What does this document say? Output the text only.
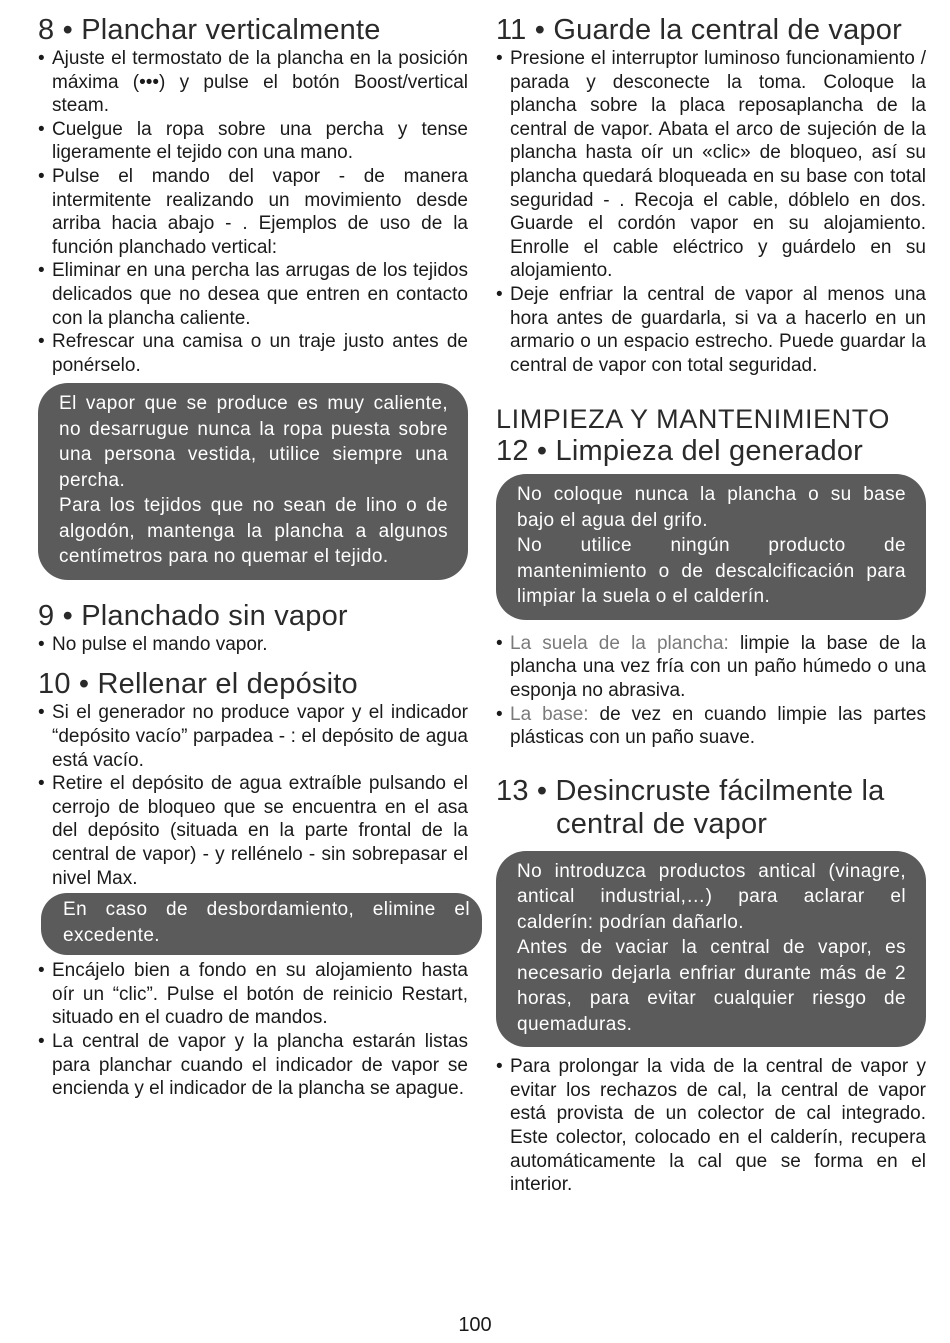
8 • Planchar verticalmente
• Ajuste el termostato de la plancha en la posición máxima (•••) y pulse el botón Boost/vertical steam.
• Cuelgue la ropa sobre una percha y tense ligeramente el tejido con una mano.
• Pulse el mando del vapor - de manera intermitente realizando un movimiento desde arriba hacia abajo - . Ejemplos de uso de la función planchado vertical:
• Eliminar en una percha las arrugas de los tejidos delicados que no desea que entren en contacto con la plancha caliente.
• Refrescar una camisa o un traje justo antes de ponérselo.

El vapor que se produce es muy caliente, no desarrugue nunca la ropa puesta sobre una persona vestida, utilice siempre una percha.

Para los tejidos que no sean de lino o de algodón, mantenga la plancha a algunos centímetros para no quemar el tejido.

9 • Planchado sin vapor
• No pulse el mando vapor.
10 • Rellenar el depósito
• Si el generador no produce vapor y el indicador “depósito vacío” parpadea - : el depósito de agua está vacío.
• Retire el depósito de agua extraíble pulsando el cerrojo de bloqueo que se encuentra en el asa del depósito (situada en la parte frontal de la central de vapor) - y rellénelo - sin sobrepasar el nivel Max.

En caso de desbordamiento, elimine el excedente.

• Encájelo bien a fondo en su alojamiento hasta oír un “clic”. Pulse el botón de reinicio Restart, situado en el cuadro de mandos.
• La central de vapor y la plancha estarán listas para planchar cuando el indicador de vapor se encienda y el indicador de la plancha se apague.
11 • Guarde la central de vapor
• Presione el interruptor luminoso funcionamiento / parada y desconecte la toma. Coloque la plancha sobre la placa reposaplancha de la central de vapor. Abata el arco de sujeción de la plancha hasta oír un «clic» de bloqueo, así su plancha quedará bloqueada en su base con total seguridad - . Recoja el cable, dóblelo en dos. Guarde el cordón vapor en su alojamiento. Enrolle el cable eléctrico y guárdelo en su alojamiento.
• Deje enfriar la central de vapor al menos una hora antes de guardarla, si va a hacerlo en un armario o un espacio estrecho. Puede guardar la central de vapor con total seguridad.
LIMPIEZA Y MANTENIMIENTO
12 • Limpieza del generador

No coloque nunca la plancha o su base bajo el agua del grifo.

No utilice ningún producto de mantenimiento o de descalcificación para limpiar la suela o el calderín.

• La suela de la plancha: limpie la base de la plancha una vez fría con un paño húmedo o una esponja no abrasiva.
• La base: de vez en cuando limpie las partes plásticas con un paño suave.
13 • Desincruste fácilmente la central de vapor

No introduzca productos antical (vinagre, antical industrial,…) para aclarar el calderín: podrían dañarlo.

Antes de vaciar la central de vapor, es necesario dejarla enfriar durante más de 2 horas, para evitar cualquier riesgo de quemaduras.

• Para prolongar la vida de la central de vapor y evitar los rechazos de cal, la central de vapor está provista de un colector de cal integrado. Este colector, colocado en el calderín, recupera automáticamente la cal que se forma en el interior.
100
